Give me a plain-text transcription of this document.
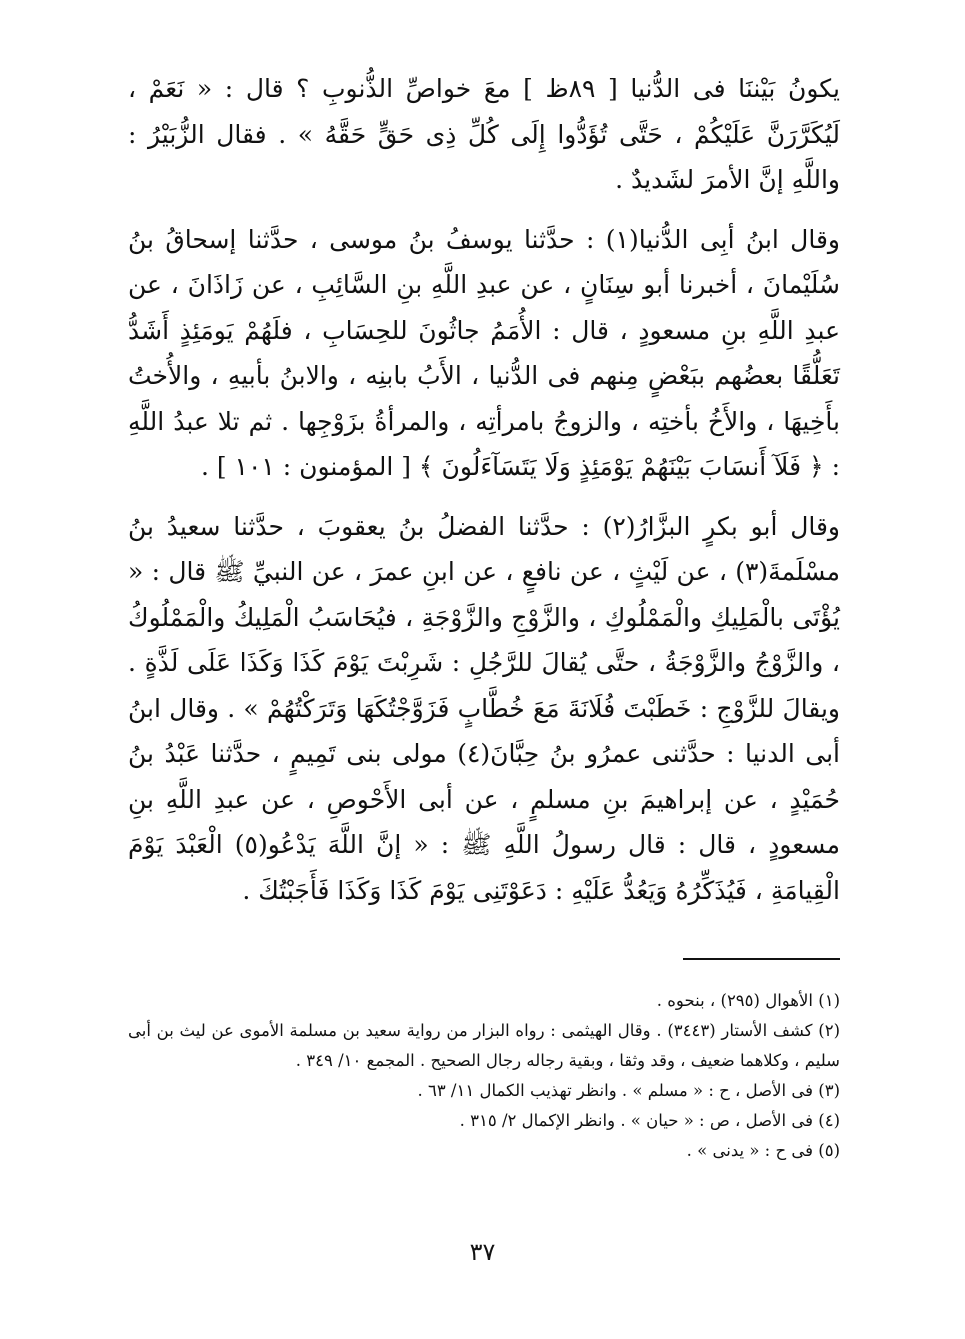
يكونُ بَيْننَا فى الدُّنيا [ ٨٩ظ ] معَ خواصِّ الذُّنوبِ ؟ قال : « نَعَمْ ، لَيُكَرَّرَنَّ عَلَيْكُمْ ، حَتَّى تُؤَدُّوا إِلَى كُلِّ ذِى حَقٍّ حَقَّهُ » . فقال الزُّبَيْرُ : واللَّهِ إنَّ الأمرَ لشَديدٌ .

وقال ابنُ أبِى الدُّنيا(١) : حدَّثنا يوسفُ بنُ موسى ، حدَّثنا إسحاقُ بنُ سُلَيْمانَ ، أخبرنا أبو سِنَانٍ ، عن عبدِ اللَّهِ بنِ السَّائِبِ ، عن زَاذَانَ ، عن عبدِ اللَّهِ بنِ مسعودٍ ، قال : الأُمَمُ جاثُونَ للحِسَابِ ، فلَهُمْ يَومَئِذٍ أَشَدُّ تَعَلُّقًا بعضُهم ببَعْضٍ مِنهم فى الدُّنيا ، الأَبُ بابنِه ، والابنُ بأبيهِ ، والأُختُ بأَخِيهَا ، والأَخُ بأختِه ، والزوجُ بامرأتِه ، والمرأةُ بزَوْجِها . ثم تلا عبدُ اللَّهِ : ﴿ فَلَآ أَنسَابَ بَيْنَهُمْ يَوْمَئِذٍ وَلَا يَتَسَآءَلُونَ ﴾ [ المؤمنون : ١٠١ ] .

وقال أبو بكرٍ البزَّارُ(٢) : حدَّثنا الفضلُ بنُ يعقوبَ ، حدَّثنا سعيدُ بنُ مسْلَمةَ(٣) ، عن لَيْثٍ ، عن نافعٍ ، عن ابنِ عمرَ ، عن النبيِّ ﷺ قال : « يُؤْتَى بالْمَلِيكِ والْمَمْلُوكِ ، والزَّوْجِ والزَّوْجَةِ ، فيُحَاسَبُ الْمَلِيكُ والْمَمْلُوكُ ، والزَّوْجُ والزَّوْجَةُ ، حتَّى يُقالَ للرَّجُلِ : شَرِبْتَ يَوْمَ كَذَا وَكَذَا عَلَى لَذَّةٍ . ويقالَ للزَّوْجِ : خَطَبْتَ فُلَانَةَ مَعَ خُطَّابٍ فَزَوَّجْتُكَهَا وَتَرَكْتُهُمْ » . وقال ابنُ أبى الدنيا : حدَّثنى عمرُو بنُ حِبَّانَ(٤) مولى بنى تَمِيمٍ ، حدَّثنا عَبْدُ بنُ حُمَيْدٍ ، عن إبراهيمَ بنِ مسلمٍ ، عن أبى الأَحْوصِ ، عن عبدِ اللَّهِ بنِ مسعودٍ ، قال : قال رسولُ اللَّهِ ﷺ : « إنَّ اللَّهَ يَدْعُو(٥) الْعَبْدَ يَوْمَ الْقِيامَةِ ، فَيُذَكِّرُهُ وَيَعُدُّ عَلَيْهِ : دَعَوْتَنِى يَوْمَ كَذَا وَكَذَا فَأَجَبْتُكَ .

(١) الأهوال (٢٩٥) ، بنحوه .

(٢) كشف الأستار (٣٤٤٣) . وقال الهيثمى : رواه البزار من رواية سعيد بن مسلمة الأموى عن ليث بن أبى سليم ، وكلاهما ضعيف ، وقد وثقا ، وبقية رجاله رجال الصحيح . المجمع ١٠/ ٣٤٩ .

(٣) فى الأصل ، ح : « مسلم » . وانظر تهذيب الكمال ١١/ ٦٣ .

(٤) فى الأصل ، ص : « حيان » . وانظر الإكمال ٢/ ٣١٥ .

(٥) فى ح : « يدنى » .

٣٧
